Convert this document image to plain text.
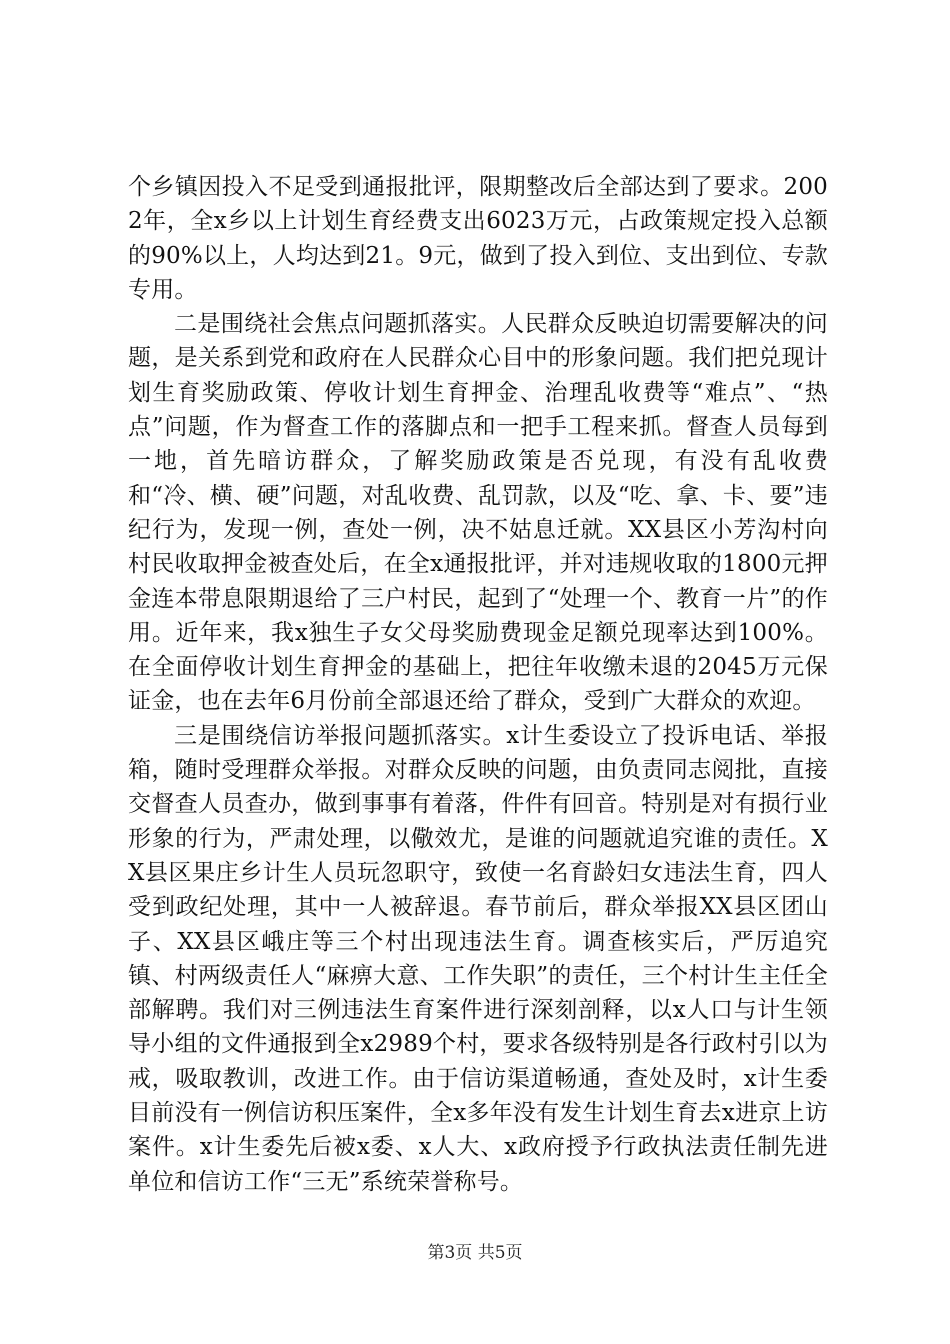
个乡镇因投入不足受到通报批评，限期整改后全部达到了要求。2002年，全x乡以上计划生育经费支出6023万元，占政策规定投入总额的90%以上，人均达到21。9元，做到了投入到位、支出到位、专款专用。

二是围绕社会焦点问题抓落实。人民群众反映迫切需要解决的问题，是关系到党和政府在人民群众心目中的形象问题。我们把兑现计划生育奖励政策、停收计划生育押金、治理乱收费等“难点”、“热点”问题，作为督查工作的落脚点和一把手工程来抓。督查人员每到一地，首先暗访群众，了解奖励政策是否兑现，有没有乱收费和“冷、横、硬”问题，对乱收费、乱罚款，以及“吃、拿、卡、要”违纪行为，发现一例，查处一例，决不姑息迁就。XX县区小芳沟村向村民收取押金被查处后，在全x通报批评，并对违规收取的1800元押金连本带息限期退给了三户村民，起到了“处理一个、教育一片”的作用。近年来，我x独生子女父母奖励费现金足额兑现率达到100%。在全面停收计划生育押金的基础上，把往年收缴未退的2045万元保证金，也在去年6月份前全部退还给了群众，受到广大群众的欢迎。

三是围绕信访举报问题抓落实。x计生委设立了投诉电话、举报箱，随时受理群众举报。对群众反映的问题，由负责同志阅批，直接交督查人员查办，做到事事有着落，件件有回音。特别是对有损行业形象的行为，严肃处理，以儆效尤，是谁的问题就追究谁的责任。XX县区果庄乡计生人员玩忽职守，致使一名育龄妇女违法生育，四人受到政纪处理，其中一人被辞退。春节前后，群众举报XX县区团山子、XX县区峨庄等三个村出现违法生育。调查核实后，严厉追究镇、村两级责任人“麻痹大意、工作失职”的责任，三个村计生主任全部解聘。我们对三例违法生育案件进行深刻剖释，以x人口与计生领导小组的文件通报到全x2989个村，要求各级特别是各行政村引以为戒，吸取教训，改进工作。由于信访渠道畅通，查处及时，x计生委目前没有一例信访积压案件，全x多年没有发生计划生育去x进京上访案件。x计生委先后被x委、x人大、x政府授予行政执法责任制先进单位和信访工作“三无”系统荣誉称号。

第3页 共5页
